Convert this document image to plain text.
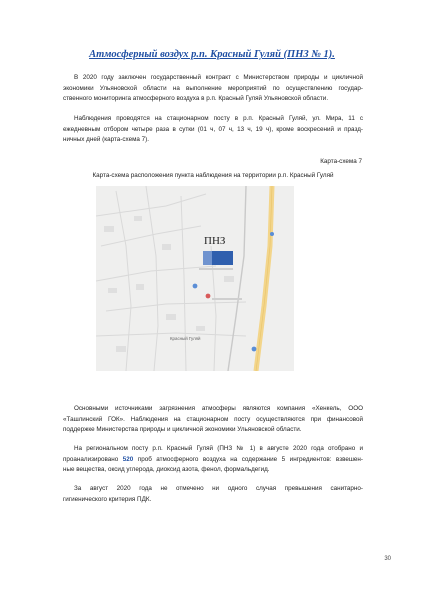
Атмосферный воздух р.п. Красный Гуляй (ПНЗ № 1).
В 2020 году заключен государственный контракт с Министерством природы и цикличной
экономики Ульяновской области на выполнение мероприятий по осуществлению государ-
ственного мониторинга атмосферного воздуха в р.п. Красный Гуляй Ульяновской области.
Наблюдения проводятся на стационарном посту в р.п. Красный Гуляй, ул. Мира, 11 с
ежедневным отбором четыре раза в сутки (01 ч, 07 ч, 13 ч, 19 ч), кроме воскресений и празд-
ничных дней (карта-схема 7).
Карта-схема 7
Карта-схема расположения пункта наблюдения на территории р.п. Красный Гуляй
ПНЗ
Красный Гуляй
Основными источниками загрязнения атмосферы являются компания «Хенкель, ООО
«Ташлинский ГОК». Наблюдения на стационарном посту осуществляются при финансовой
поддержке Министерства природы и цикличной экономики Ульяновской области.
На региональном посту р.п. Красный Гуляй (ПНЗ № 1) в августе 2020 года отобрано и
проанализировано 520 проб атмосферного воздуха на содержание 5 ингредиентов: взвешен-
ные вещества, оксид углерода, диоксид азота, фенол, формальдегид.
За август 2020 года не отмечено ни одного случая превышения санитарно-
гигиенического критерия ПДК.
30
